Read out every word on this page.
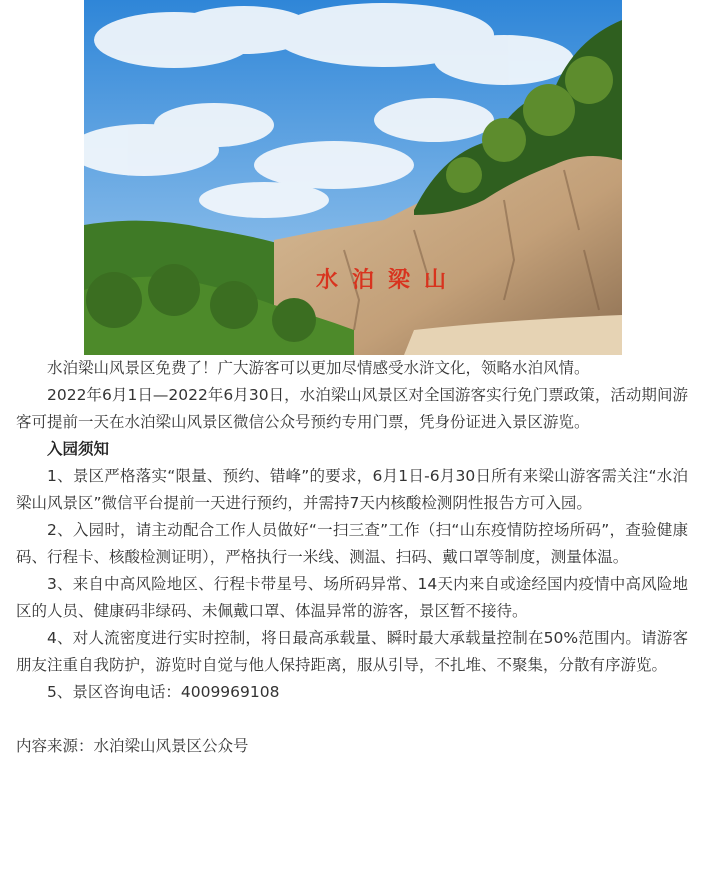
水泊梁山

水泊梁山风景区免费了！广大游客可以更加尽情感受水浒文化，领略水泊风情。

2022年6月1日—2022年6月30日，水泊梁山风景区对全国游客实行免门票政策，活动期间游客可提前一天在水泊梁山风景区微信公众号预约专用门票，凭身份证进入景区游览。

入园须知

1、景区严格落实“限量、预约、错峰”的要求，6月1日-6月30日所有来梁山游客需关注“水泊梁山风景区”微信平台提前一天进行预约，并需持7天内核酸检测阴性报告方可入园。

2、入园时，请主动配合工作人员做好“一扫三查”工作（扫“山东疫情防控场所码”，查验健康码、行程卡、核酸检测证明），严格执行一米线、测温、扫码、戴口罩等制度，测量体温。

3、来自中高风险地区、行程卡带星号、场所码异常、14天内来自或途经国内疫情中高风险地区的人员、健康码非绿码、未佩戴口罩、体温异常的游客，景区暂不接待。

4、对人流密度进行实时控制，将日最高承载量、瞬时最大承载量控制在50%范围内。请游客朋友注重自我防护，游览时自觉与他人保持距离，服从引导，不扎堆、不聚集，分散有序游览。

5、景区咨询电话：4009969108

内容来源：水泊梁山风景区公众号
